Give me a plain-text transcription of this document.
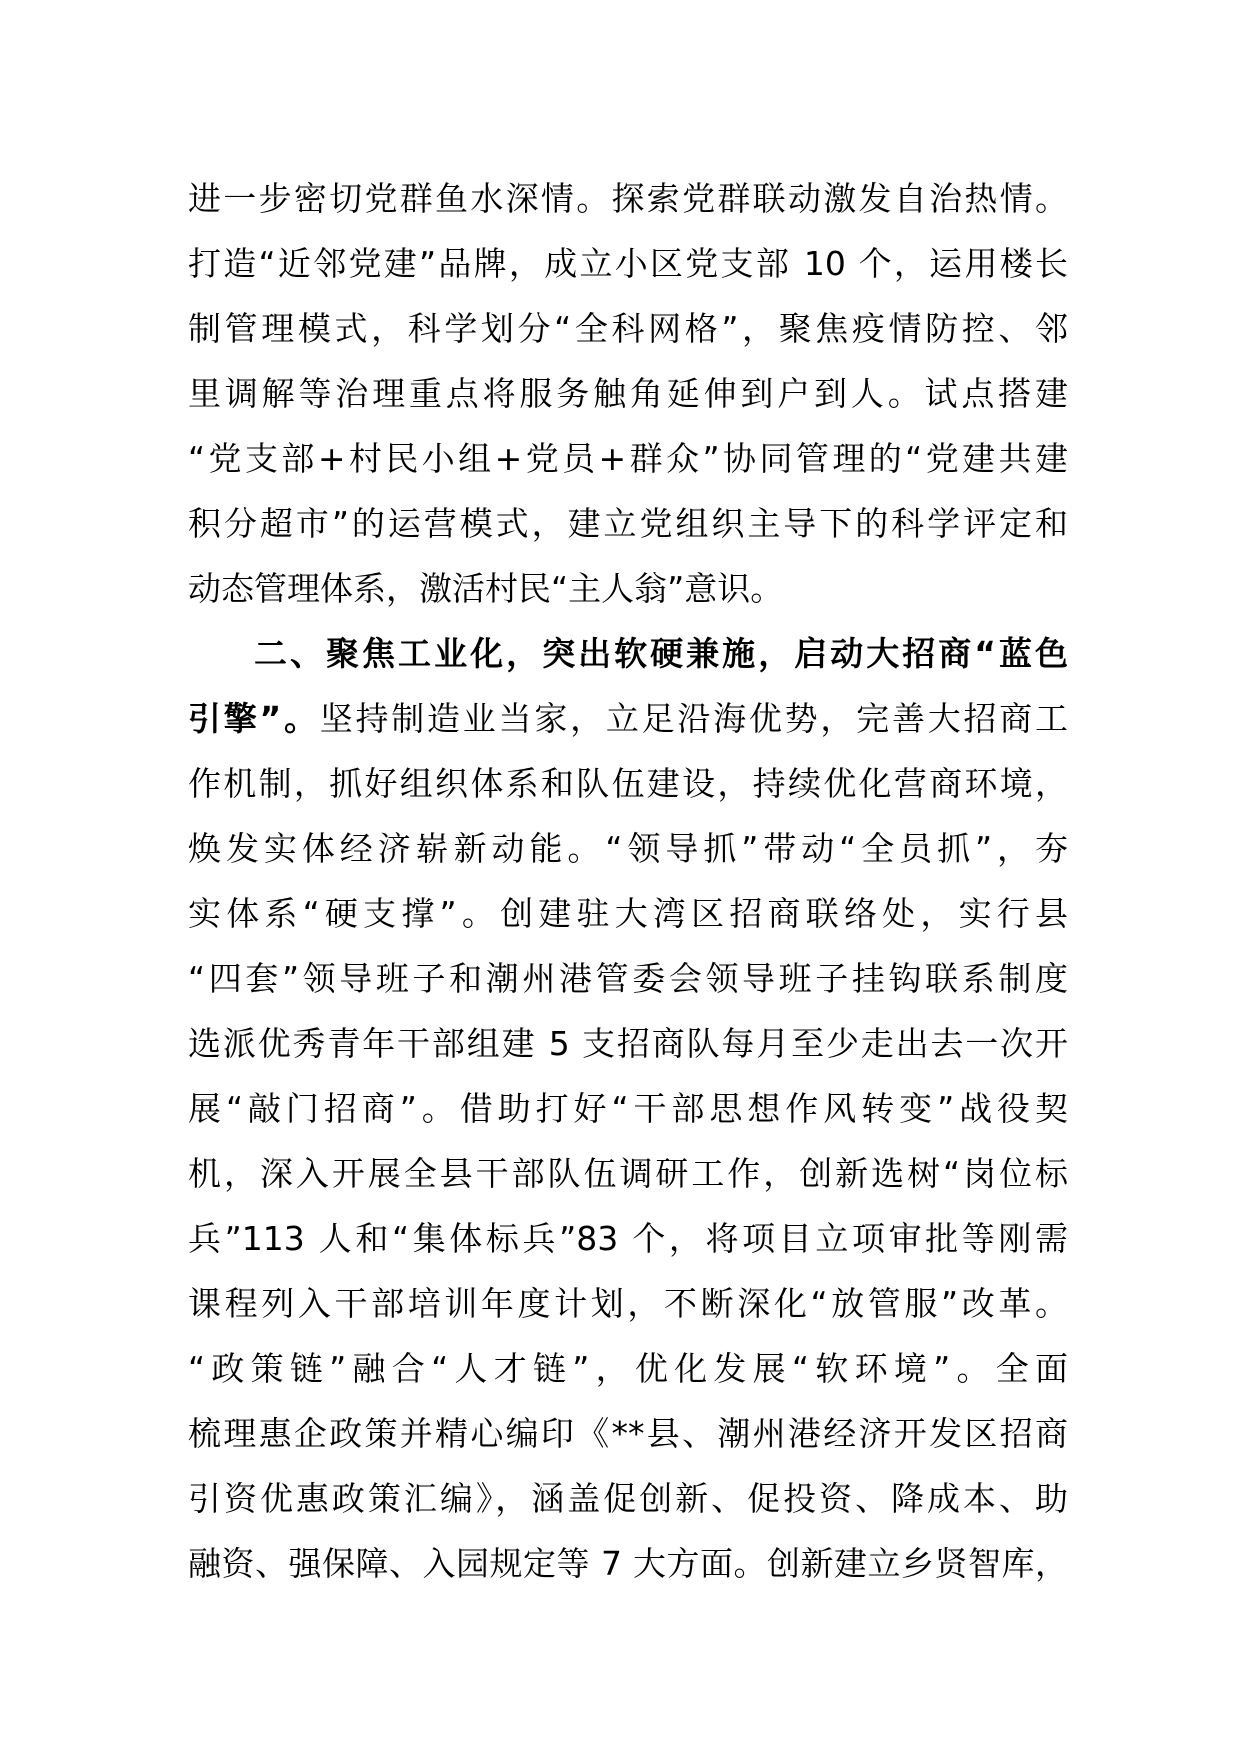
进一步密切党群鱼水深情。探索党群联动激发自治热情。
打造“近邻党建”品牌，成立小区党支部 10 个，运用楼长
制管理模式，科学划分“全科网格”，聚焦疫情防控、邻
里调解等治理重点将服务触角延伸到户到人。试点搭建
“党支部+村民小组+党员+群众”协同管理的“党建共建
积分超市”的运营模式，建立党组织主导下的科学评定和
动态管理体系，激活村民“主人翁”意识。
二、聚焦工业化，突出软硬兼施，启动大招商“蓝色
引擎”。坚持制造业当家，立足沿海优势，完善大招商工
作机制，抓好组织体系和队伍建设，持续优化营商环境，
焕发实体经济崭新动能。“领导抓”带动“全员抓”，夯
实体系“硬支撑”。创建驻大湾区招商联络处，实行县
“四套”领导班子和潮州港管委会领导班子挂钩联系制度
选派优秀青年干部组建 5 支招商队每月至少走出去一次开
展“敲门招商”。借助打好“干部思想作风转变”战役契
机，深入开展全县干部队伍调研工作，创新选树“岗位标
兵”113 人和“集体标兵”83 个，将项目立项审批等刚需
课程列入干部培训年度计划，不断深化“放管服”改革。
“政策链”融合“人才链”，优化发展“软环境”。全面
梳理惠企政策并精心编印《**县、潮州港经济开发区招商
引资优惠政策汇编》，涵盖促创新、促投资、降成本、助
融资、强保障、入园规定等 7 大方面。创新建立乡贤智库，
